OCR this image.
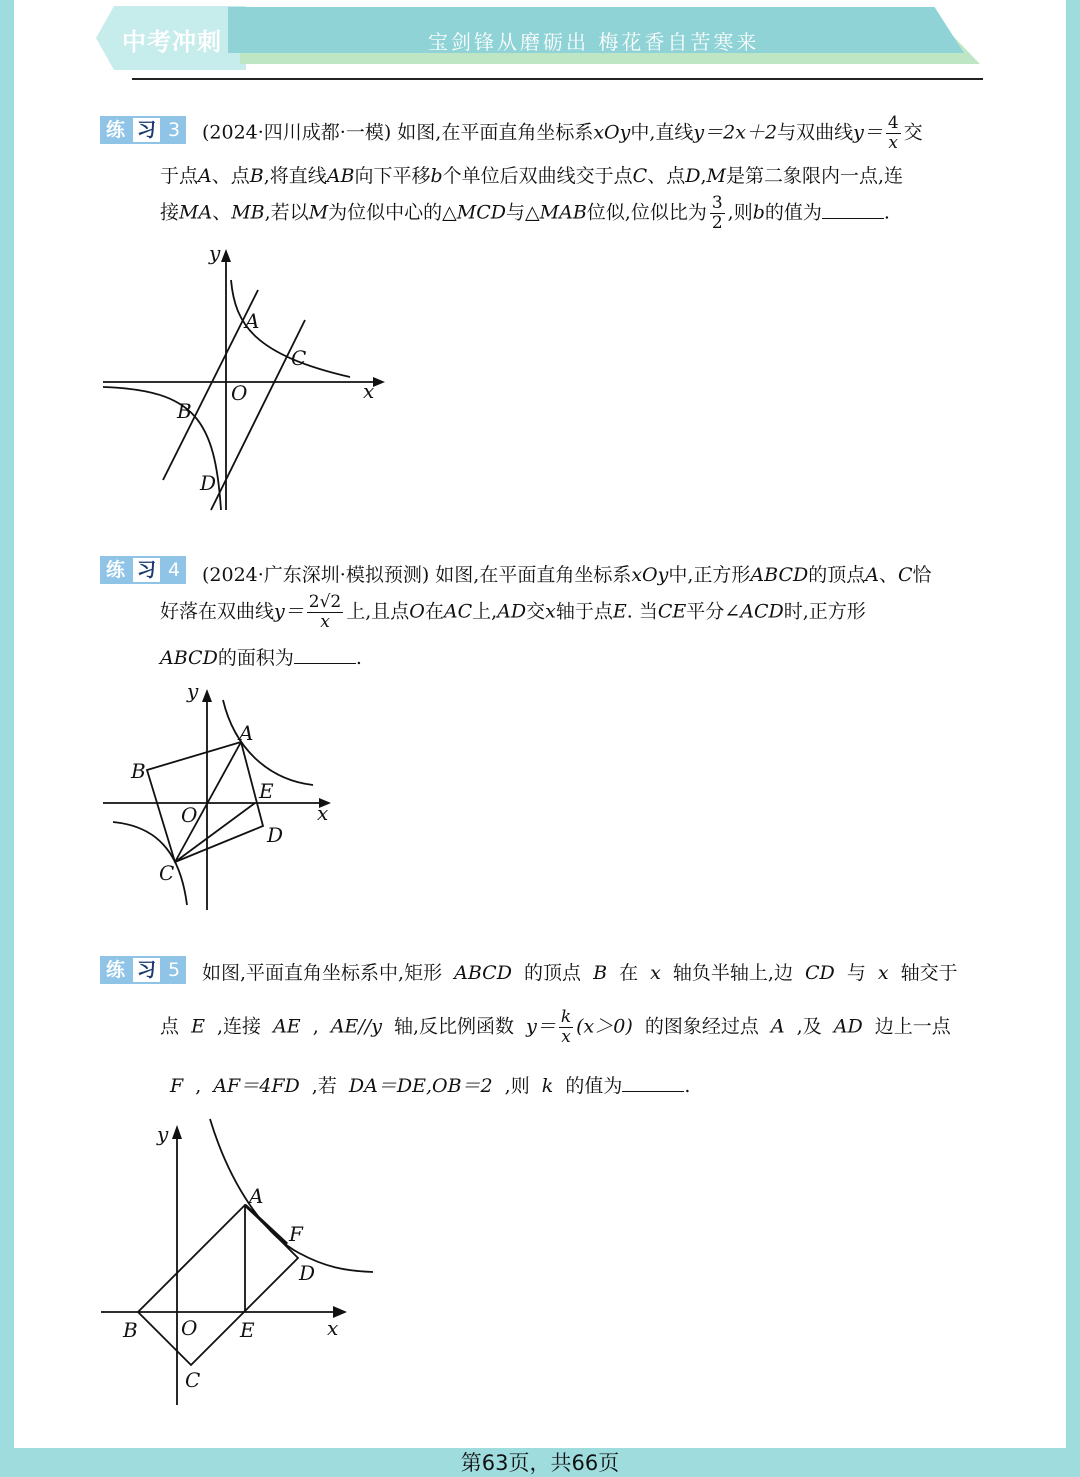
中考冲刺	宝剑锋从磨砺出 梅花香自苦寒来
练 习 3	(2024·四川成都·一模) 如图,在平面直角坐标系xOy中,直线y＝2x＋2与双曲线$y= \frac{4}{x}$ 交
于点A、点B,将直线AB向下平移b个单位后双曲线交于点C、点D,M是第二象限内一点,连
接MA、MB,若以M为位似中心的△MCD与△MAB位似,位似比为 $\frac{3}{2}$ ,则b的值为	.
x
y
O
A
B
C
D
练 习 4	(2024·广东深圳·模拟预测) 如图,在平面直角坐标系xOy中,正方形ABCD的顶点A、C恰
好落在双曲线$y= \frac{2√2}{x}$ 上,且点O在AC上,AD交x轴于点E. 当CE平分∠ACD时,正方形
ABCD的面积为	.
x
y
O
A
B
C
D
E
练 习 5	如图,平面直角坐标系中,矩形 ABCD 的顶点 B 在 x 轴负半轴上,边 CD 与 x 轴交于
点 E ,连接 AE , AE//y 轴,反比例函数 $y= \frac{k}{x} (x>0)$ 的图象经过点 A ,及 AD 边上一点
F , AF＝4FD ,若 DA＝DE,OB＝2 ,则 k 的值为	.
x
y
O
A
B
C
D
E
F
第63页，共66页
